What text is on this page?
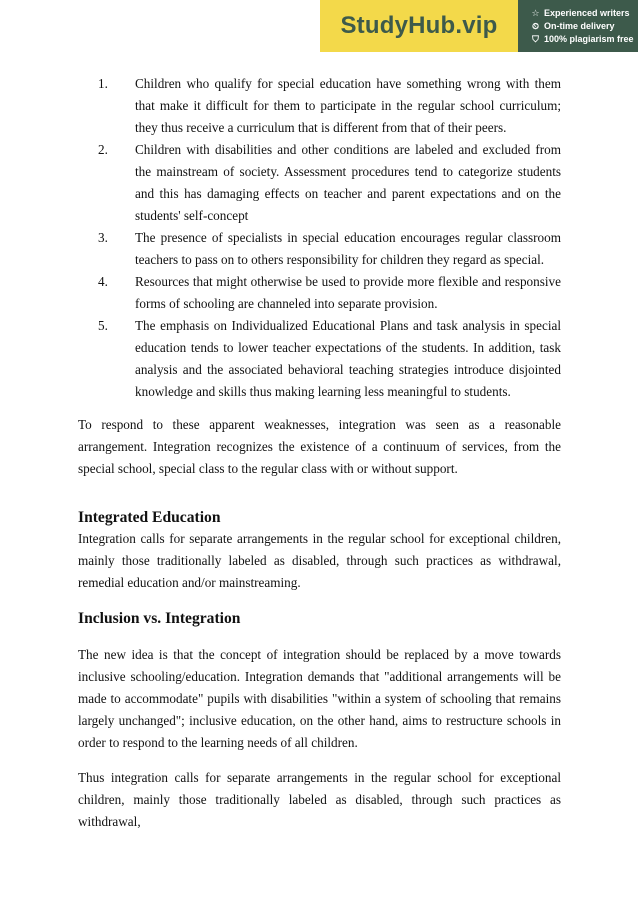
StudyHub.vip	☆ Experienced writers
⏲ On-time delivery
⛉ 100% plagiarism free
1.	Children who qualify for special education have something wrong with them that make it difficult for them to participate in the regular school curriculum; they thus receive a curriculum that is different from that of their peers.
2.	Children with disabilities and other conditions are labeled and excluded from the mainstream of society. Assessment procedures tend to categorize students and this has damaging effects on teacher and parent expectations and on the students' self-concept
3.	The presence of specialists in special education encourages regular classroom teachers to pass on to others responsibility for children they regard as special.
4.	Resources that might otherwise be used to provide more flexible and responsive forms of schooling are channeled into separate provision.
5.	The emphasis on Individualized Educational Plans and task analysis in special education tends to lower teacher expectations of the students. In addition, task analysis and the associated behavioral teaching strategies introduce disjointed knowledge and skills thus making learning less meaningful to students.

To respond to these apparent weaknesses, integration was seen as a reasonable arrangement. Integration recognizes the existence of a continuum of services, from the special school, special class to the regular class with or without support.

Integrated Education

Integration calls for separate arrangements in the regular school for exceptional children, mainly those traditionally labeled as disabled, through such practices as withdrawal, remedial education and/or mainstreaming.

Inclusion vs. Integration

The new idea is that the concept of integration should be replaced by a move towards inclusive schooling/education. Integration demands that "additional arrangements will be made to accommodate" pupils with disabilities "within a system of schooling that remains largely unchanged"; inclusive education, on the other hand, aims to restructure schools in order to respond to the learning needs of all children.

Thus integration calls for separate arrangements in the regular school for exceptional children, mainly those traditionally labeled as disabled, through such practices as withdrawal,
